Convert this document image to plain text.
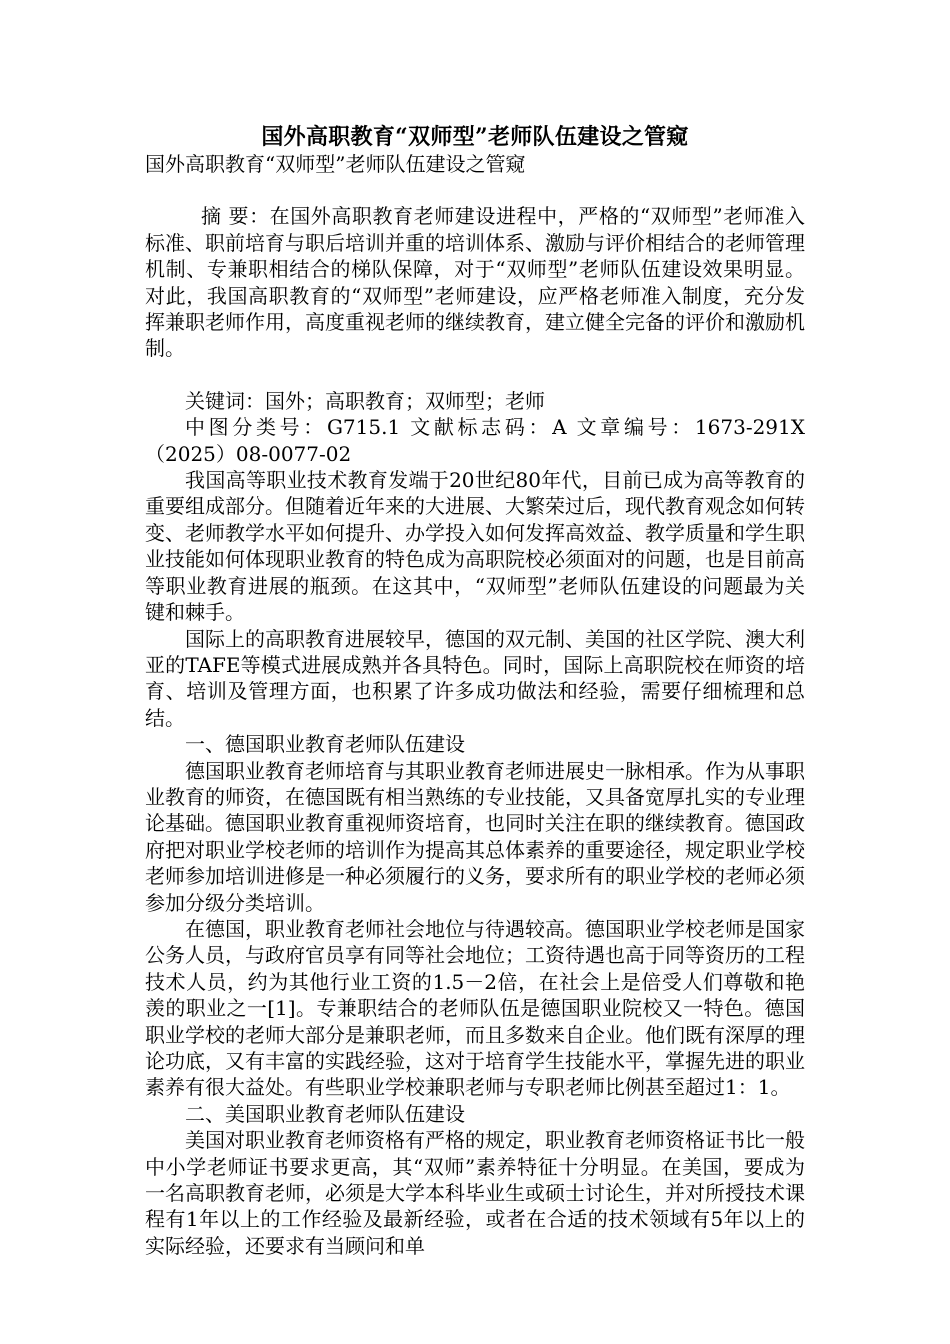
国外高职教育“双师型”老师队伍建设之管窥

国外高职教育“双师型”老师队伍建设之管窥

摘 要：在国外高职教育老师建设进程中，严格的“双师型”老师准入标准、职前培育与职后培训并重的培训体系、激励与评价相结合的老师管理机制、专兼职相结合的梯队保障，对于“双师型”老师队伍建设效果明显。对此，我国高职教育的“双师型”老师建设，应严格老师准入制度，充分发挥兼职老师作用，高度重视老师的继续教育，建立健全完备的评价和激励机制。

关键词：国外；高职教育；双师型；老师

中图分类号：G715.1 文献标志码：A 文章编号：1673-291X（2025）08-0077-02

我国高等职业技术教育发端于20世纪80年代，目前已成为高等教育的重要组成部分。但随着近年来的大进展、大繁荣过后，现代教育观念如何转变、老师教学水平如何提升、办学投入如何发挥高效益、教学质量和学生职业技能如何体现职业教育的特色成为高职院校必须面对的问题，也是目前高等职业教育进展的瓶颈。在这其中，“双师型”老师队伍建设的问题最为关键和棘手。

国际上的高职教育进展较早，德国的双元制、美国的社区学院、澳大利亚的TAFE等模式进展成熟并各具特色。同时，国际上高职院校在师资的培育、培训及管理方面，也积累了许多成功做法和经验，需要仔细梳理和总结。

一、德国职业教育老师队伍建设

德国职业教育老师培育与其职业教育老师进展史一脉相承。作为从事职业教育的师资，在德国既有相当熟练的专业技能，又具备宽厚扎实的专业理论基础。德国职业教育重视师资培育，也同时关注在职的继续教育。德国政府把对职业学校老师的培训作为提高其总体素养的重要途径，规定职业学校老师参加培训进修是一种必须履行的义务，要求所有的职业学校的老师必须参加分级分类培训。

在德国，职业教育老师社会地位与待遇较高。德国职业学校老师是国家公务人员，与政府官员享有同等社会地位；工资待遇也高于同等资历的工程技术人员，约为其他行业工资的1.5－2倍，在社会上是倍受人们尊敬和艳羡的职业之一[1]。专兼职结合的老师队伍是德国职业院校又一特色。德国职业学校的老师大部分是兼职老师，而且多数来自企业。他们既有深厚的理论功底，又有丰富的实践经验，这对于培育学生技能水平，掌握先进的职业素养有很大益处。有些职业学校兼职老师与专职老师比例甚至超过1：1。

二、美国职业教育老师队伍建设

美国对职业教育老师资格有严格的规定，职业教育老师资格证书比一般中小学老师证书要求更高，其“双师”素养特征十分明显。在美国，要成为一名高职教育老师，必须是大学本科毕业生或硕士讨论生，并对所授技术课程有1年以上的工作经验及最新经验，或者在合适的技术领域有5年以上的实际经验，还要求有当顾问和单
